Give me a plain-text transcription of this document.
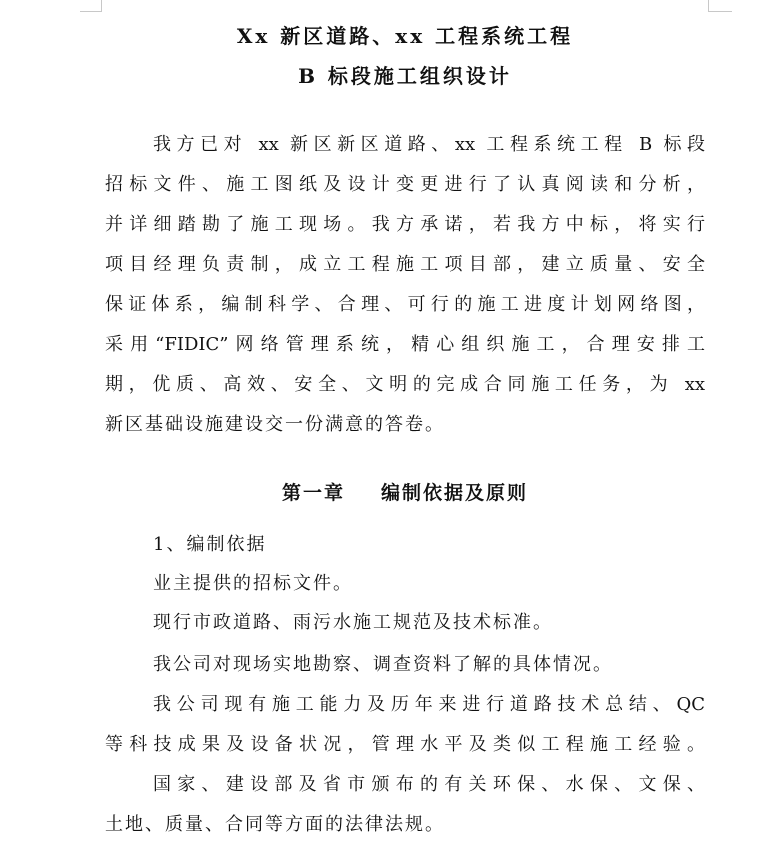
Xx 新区道路、xx 工程系统工程
B 标段施工组织设计
我方已对 xx 新区新区道路、xx 工程系统工程 B 标段
招标文件、施工图纸及设计变更进行了认真阅读和分析，
并详细踏勘了施工现场。我方承诺，若我方中标，将实行
项目经理负责制，成立工程施工项目部，建立质量、安全
保证体系，编制科学、合理、可行的施工进度计划网络图，
采用“FIDIC”网络管理系统，精心组织施工，合理安排工
期，优质、高效、安全、文明的完成合同施工任务，为 xx
新区基础设施建设交一份满意的答卷。
第一章 编制依据及原则
1、编制依据
业主提供的招标文件。
现行市政道路、雨污水施工规范及技术标准。
我公司对现场实地勘察、调查资料了解的具体情况。
我公司现有施工能力及历年来进行道路技术总结、QC
等科技成果及设备状况，管理水平及类似工程施工经验。
国家、建设部及省市颁布的有关环保、水保、文保、
土地、质量、合同等方面的法律法规。
